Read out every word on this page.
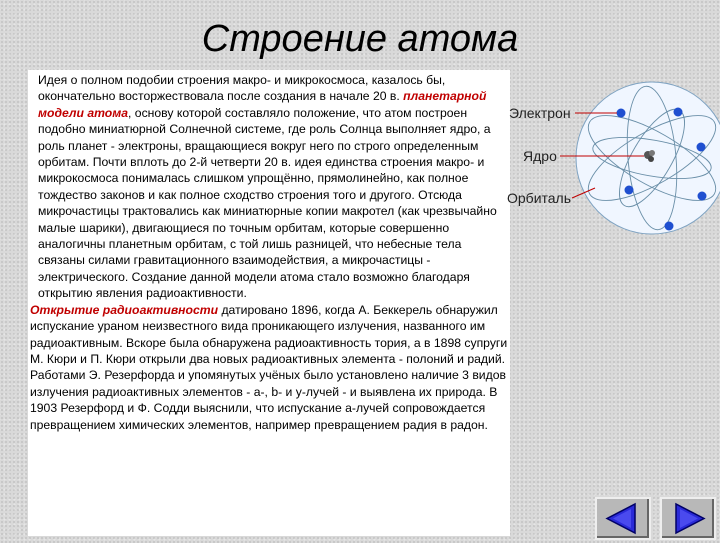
Строение атома

Идея о полном подобии строения макро- и микрокосмоса, казалось бы, окончательно восторжествовала после создания в начале 20 в. планетарной модели атома, основу которой составляло положение, что атом построен подобно миниатюрной Солнечной системе, где роль Солнца выполняет ядро, а роль планет - электроны, вращающиеся вокруг него по строго определенным орбитам. Почти вплоть до 2-й четверти 20 в. идея единства строения макро- и микрокосмоса понималась слишком упрощённо, прямолинейно, как полное тождество законов и как полное сходство строения того и другого. Отсюда микрочастицы трактовались как миниатюрные копии макротел (как чрезвычайно малые шарики), двигающиеся по точным орбитам, которые совершенно аналогичны планетным орбитам, с той лишь разницей, что небесные тела связаны силами гравитационного взаимодействия, а микрочастицы - электрического. Создание данной модели атома стало возможно благодаря открытию явления радиоактивности.

Открытие радиоактивности датировано 1896, когда А. Беккерель обнаружил испускание ураном неизвестного вида проникающего излучения, названного им радиоактивным. Вскоре была обнаружена радиоактивность тория, а в 1898 супруги М. Кюри и П. Кюри открыли два новых радиоактивных элемента - полоний и радий. Работами Э. Резерфорда и упомянутых учёных было установлено наличие 3 видов излучения радиоактивных элементов - a-, b- и y-лучей - и выявлена их природа. В 1903 Резерфорд и Ф. Содди выяснили, что испускание a-лучей сопровождается превращением химических элементов, например превращением радия в радон.

Электрон
Ядро
Орбиталь
